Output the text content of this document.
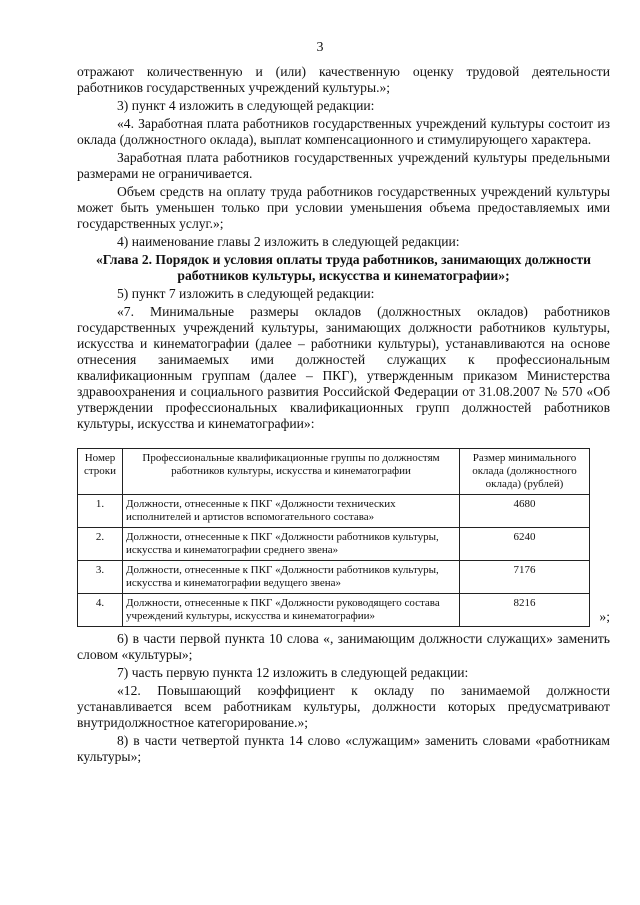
3

отражают количественную и (или) качественную оценку трудовой деятельности работников государственных учреждений культуры.»;

3) пункт 4 изложить в следующей редакции:

«4. Заработная плата работников государственных учреждений культуры состоит из оклада (должностного оклада), выплат компенсационного и стимулирующего характера.

Заработная плата работников государственных учреждений культуры предельными размерами не ограничивается.

Объем средств на оплату труда работников государственных учреждений культуры может быть уменьшен только при условии уменьшения объема предоставляемых ими государственных услуг.»;

4) наименование главы 2 изложить в следующей редакции:

«Глава 2. Порядок и условия оплаты труда работников, занимающих должности работников культуры, искусства и кинематографии»;

5) пункт 7 изложить в следующей редакции:

«7. Минимальные размеры окладов (должностных окладов) работников государственных учреждений культуры, занимающих должности работников культуры, искусства и кинематографии (далее – работники культуры), устанавливаются на основе отнесения занимаемых ими должностей служащих к профессиональным квалификационным группам (далее – ПКГ), утвержденным приказом Министерства здравоохранения и социального развития Российской Федерации от 31.08.2007 № 570 «Об утверждении профессиональных квалификационных групп должностей работников культуры, искусства и кинематографии»:

Номер строки	Профессиональные квалификационные группы по должностям работников культуры, искусства и кинематографии	Размер минимального оклада (должностного оклада) (рублей)
1.	Должности, отнесенные к ПКГ «Должности технических исполнителей и артистов вспомогательного состава»	4680
2.	Должности, отнесенные к ПКГ «Должности работников культуры, искусства и кинематографии среднего звена»	6240
3.	Должности, отнесенные к ПКГ «Должности работников культуры, искусства и кинематографии ведущего звена»	7176
4.	Должности, отнесенные к ПКГ «Должности руководящего состава учреждений культуры, искусства и кинематографии»	8216
»;

6) в части первой пункта 10 слова «, занимающим должности служащих» заменить словом «культуры»;

7) часть первую пункта 12 изложить в следующей редакции:

«12. Повышающий коэффициент к окладу по занимаемой должности устанавливается всем работникам культуры, должности которых предусматривают внутридолжностное категорирование.»;

8) в части четвертой пункта 14 слово «служащим» заменить словами «работникам культуры»;
